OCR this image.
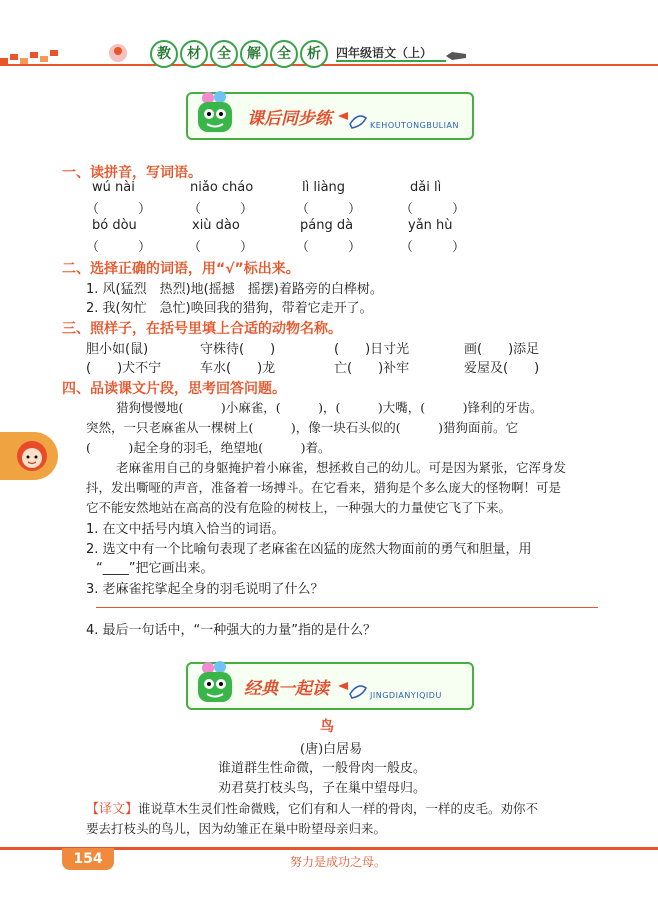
教	材	全	解	全	析	四年级语文（上）
课后同步练	KEHOUTONGBULIAN
一、读拼音，写词语。
wú nài	niǎo cháo	lì liàng	dǎi lì
（　　　）	（　　　）	（　　　）	（　　　）
bó dòu	xiù dào	páng dà	yǎn hù
（　　　）	（　　　）	（　　　）	（　　　）
二、选择正确的词语，用“√”标出来。
1. 风(猛烈　热烈)地(摇撼　摇摆)着路旁的白桦树。
2. 我(匆忙　急忙)唤回我的猎狗，带着它走开了。
三、照样子，在括号里填上合适的动物名称。
胆小如(鼠)	守株待(　　)	(　　)日寸光	画(　　)添足
(　　)犬不宁	车水(　　)龙	亡(　　)补牢	爱屋及(　　)
四、品读课文片段，思考回答问题。
猎狗慢慢地(　　　)小麻雀，(　　　)，(　　　)大嘴，(　　　)锋利的牙齿。
突然，一只老麻雀从一棵树上(　　　)，像一块石头似的(　　　)猎狗面前。它
(　　　)起全身的羽毛，绝望地(　　　)着。
老麻雀用自己的身躯掩护着小麻雀，想拯救自己的幼儿。可是因为紧张，它浑身发
抖，发出嘶哑的声音，准备着一场搏斗。在它看来，猎狗是个多么庞大的怪物啊！可是
它不能安然地站在高高的没有危险的树枝上，一种强大的力量使它飞了下来。
1. 在文中括号内填入恰当的词语。
2. 选文中有一个比喻句表现了老麻雀在凶猛的庞然大物面前的勇气和胆量，用
“____”把它画出来。
3. 老麻雀挓挲起全身的羽毛说明了什么？
4. 最后一句话中，“一种强大的力量”指的是什么？
经典一起读	JINGDIANYIQIDU
鸟
(唐)白居易
谁道群生性命微，一般骨肉一般皮。
劝君莫打枝头鸟，子在巢中望母归。
【译文】 谁说草木生灵们性命微贱，它们有和人一样的骨肉，一样的皮毛。劝你不
要去打枝头的鸟儿，因为幼雏正在巢中盼望母亲归来。
154	努力是成功之母。
